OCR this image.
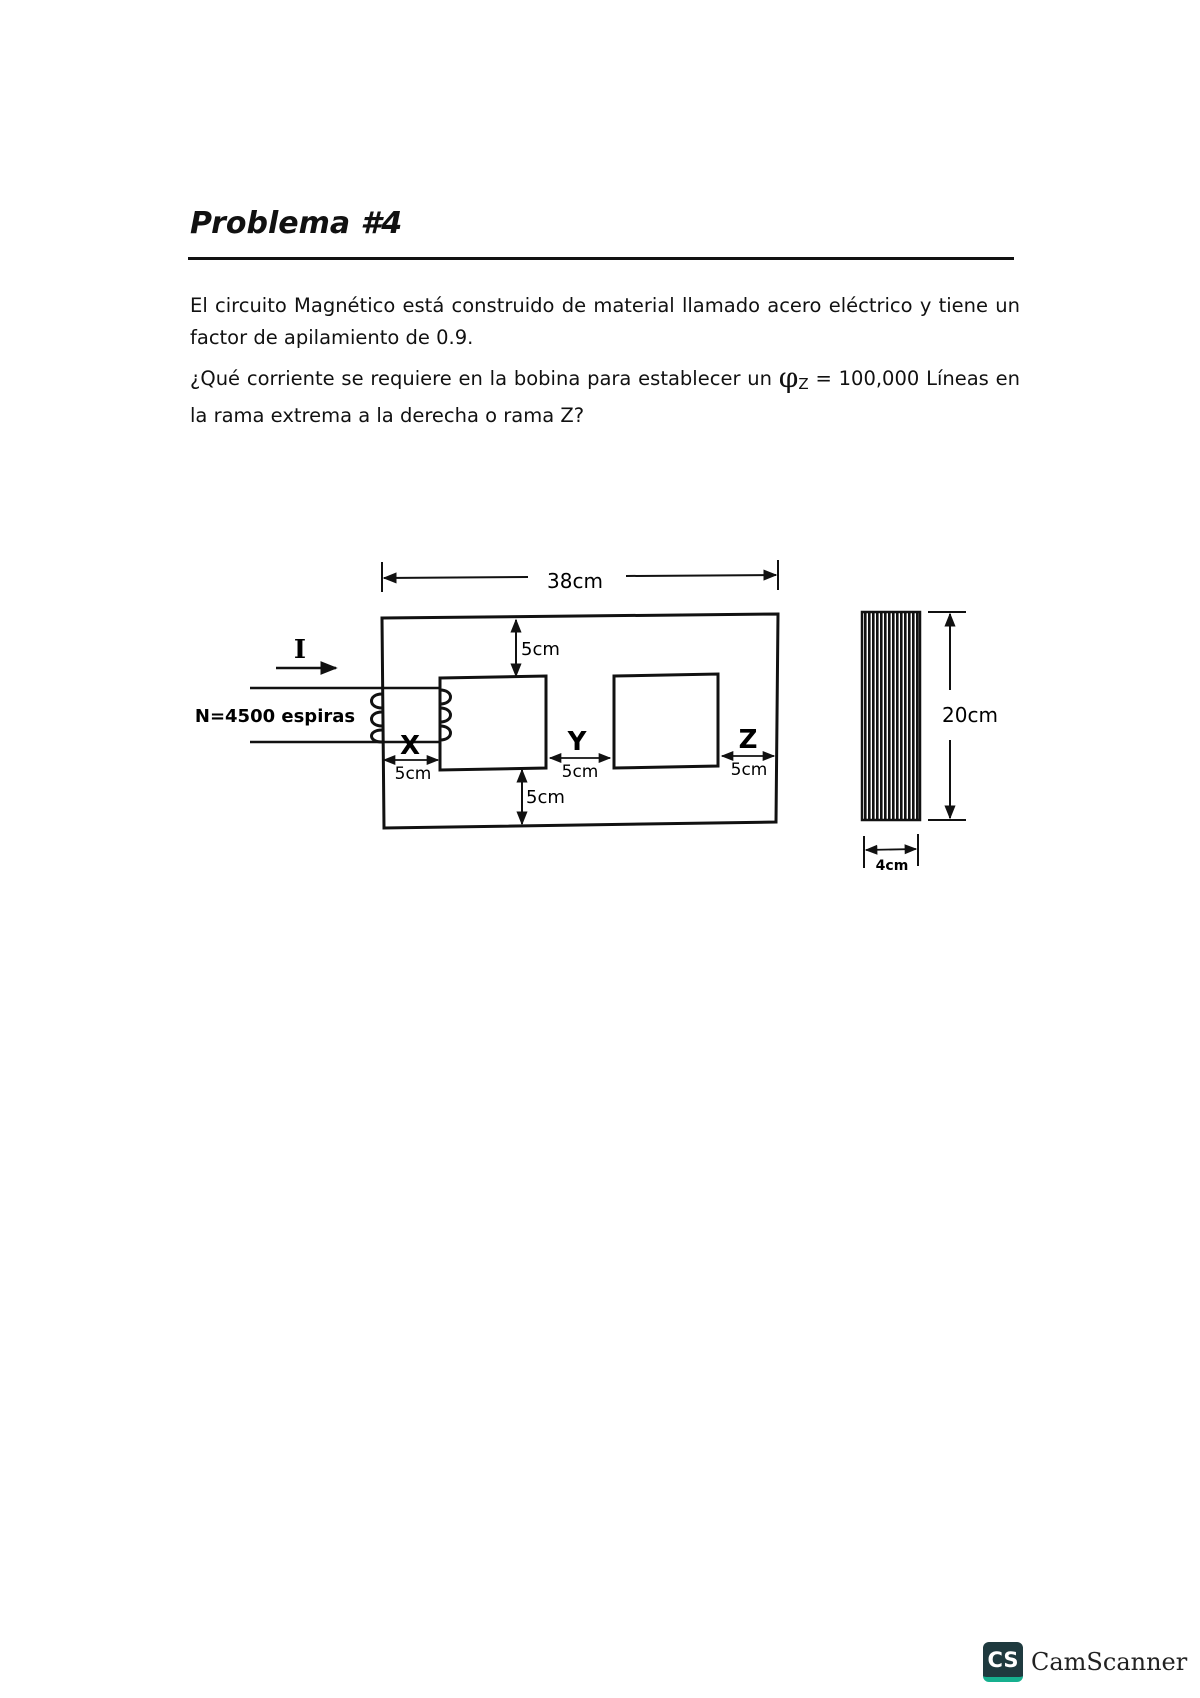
Problema #4
El circuito Magnético está construido de material llamado acero eléctrico y tiene un factor de apilamiento de 0.9.
¿Qué corriente se requiere en la bobina para establecer un $\varphi_Z = 100,000$ Líneas en la rama extrema a la derecha o rama Z?
38cm
5cm
5cm
I
N=4500 espiras
X
5cm
Y
5cm
Z
5cm
20cm
4cm
CS CamScanner
